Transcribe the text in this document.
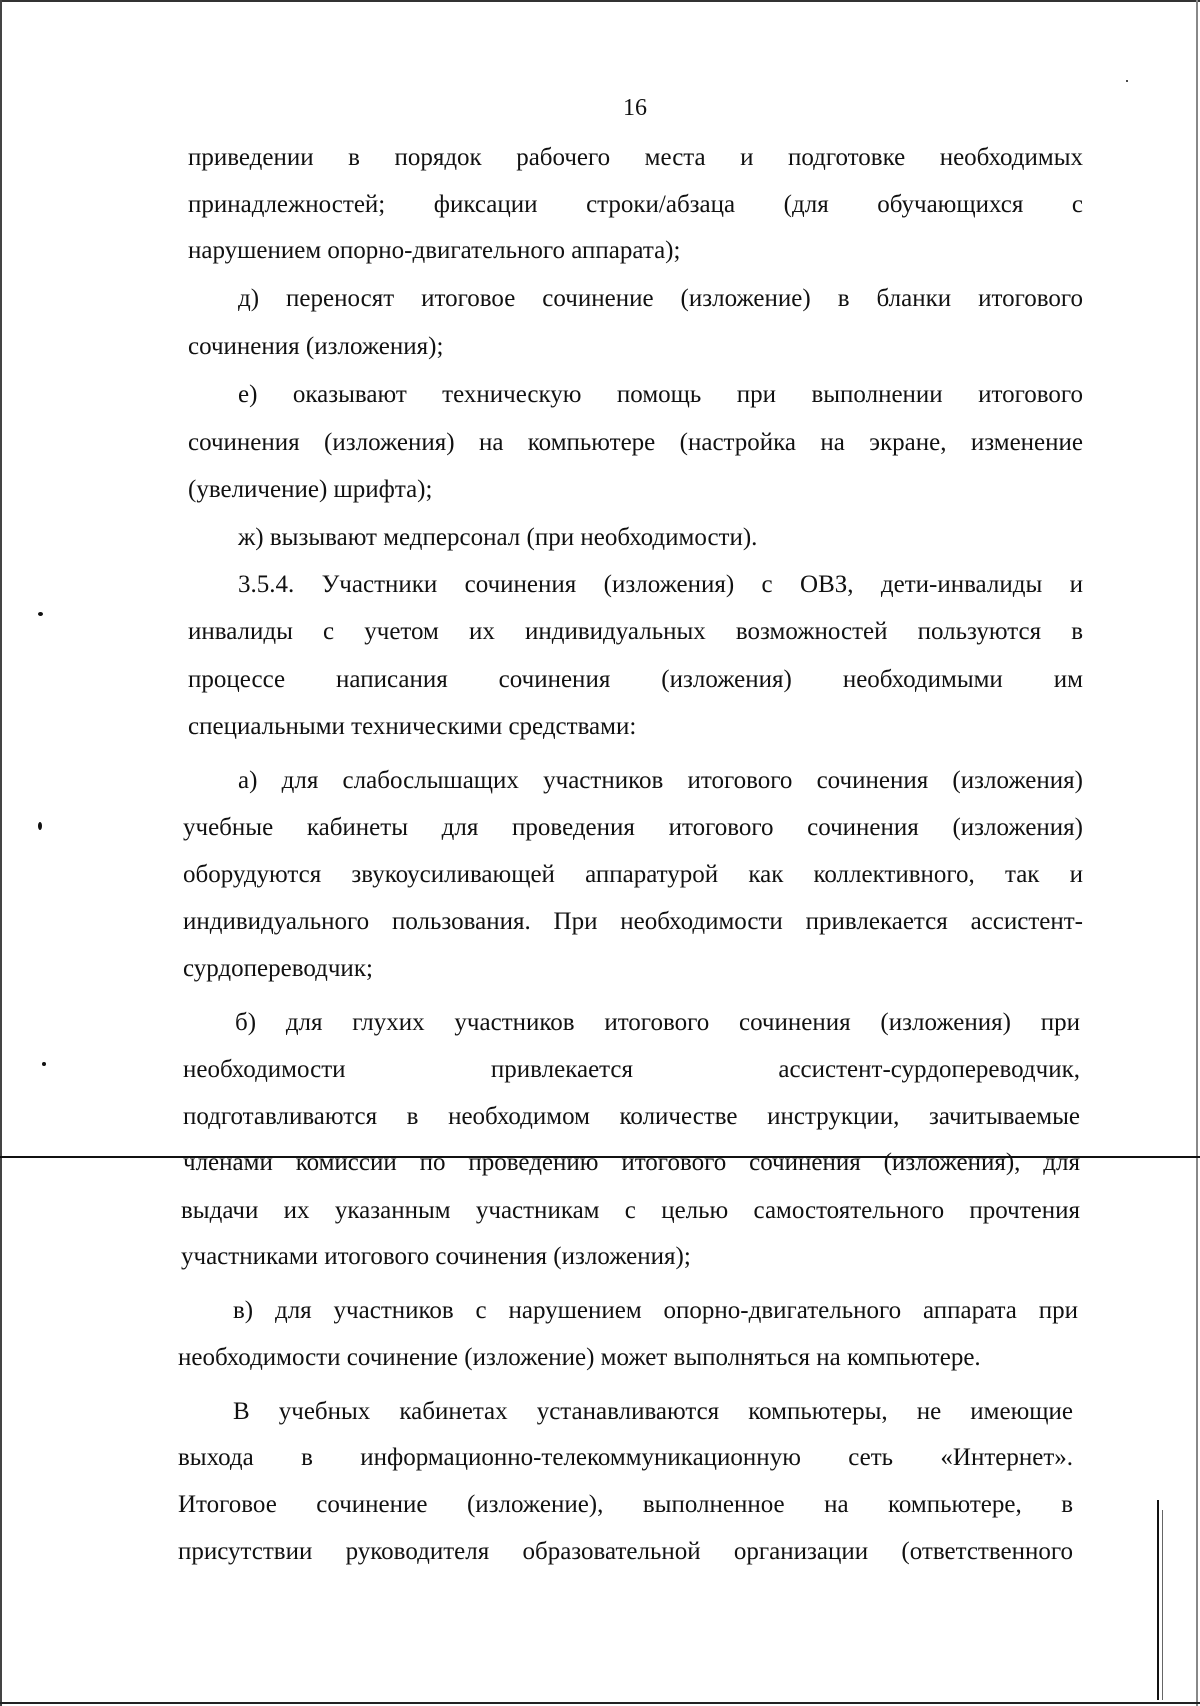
16
приведении в порядок рабочего места и подготовке необходимых
принадлежностей; фиксации строки/абзаца (для обучающихся с
нарушением опорно-двигательного аппарата);
д) переносят итоговое сочинение (изложение) в бланки итогового
сочинения (изложения);
е) оказывают техническую помощь при выполнении итогового
сочинения (изложения) на компьютере (настройка на экране, изменение
(увеличение) шрифта);
ж) вызывают медперсонал (при необходимости).
3.5.4. Участники сочинения (изложения) с ОВЗ, дети-инвалиды и
инвалиды с учетом их индивидуальных возможностей пользуются в
процессе написания сочинения (изложения) необходимыми им
специальными техническими средствами:
а) для слабослышащих участников итогового сочинения (изложения)
учебные кабинеты для проведения итогового сочинения (изложения)
оборудуются звукоусиливающей аппаратурой как коллективного, так и
индивидуального пользования. При необходимости привлекается ассистент-
сурдопереводчик;
б) для глухих участников итогового сочинения (изложения) при
необходимости привлекается ассистент-сурдопереводчик,
подготавливаются в необходимом количестве инструкции, зачитываемые
членами комиссии по проведению итогового сочинения (изложения), для
выдачи их указанным участникам с целью самостоятельного прочтения
участниками итогового сочинения (изложения);
в) для участников с нарушением опорно-двигательного аппарата при
необходимости сочинение (изложение) может выполняться на компьютере.
В учебных кабинетах устанавливаются компьютеры, не имеющие
выхода в информационно-телекоммуникационную сеть «Интернет».
Итоговое сочинение (изложение), выполненное на компьютере, в
присутствии руководителя образовательной организации (ответственного
